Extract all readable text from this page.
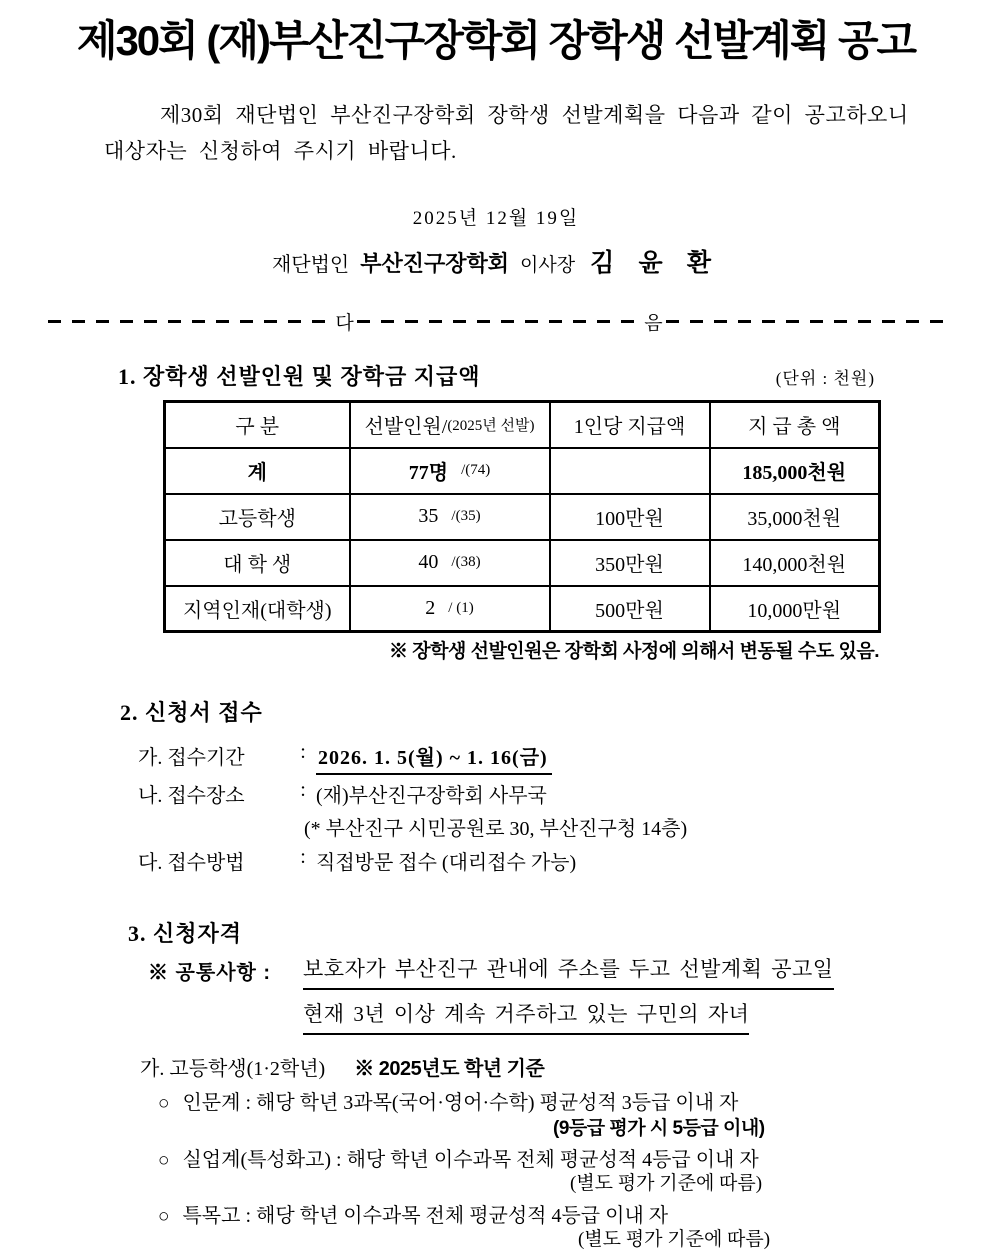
제30회 (재)부산진구장학회 장학생 선발계획 공고

제30회 재단법인 부산진구장학회 장학생 선발계획을 다음과 같이 공고하오니

대상자는 신청하여 주시기 바랍니다.

2025년 12월 19일
재단법인 부산진구장학회 이사장 김 윤 환
다	음
1. 장학생 선발인원 및 장학금 지급액	(단위 : 천원)
구 분	선발인원/ (2025년 선발)	1인당 지급액	지 급 총 액
계	77명 /(74)		185,000천원
고등학생	35 /(35)	100만원	35,000천원
대 학 생	40 /(38)	350만원	140,000천원
지역인재(대학생)	2 / (1)	500만원	10,000만원
※ 장학생 선발인원은 장학회 사정에 의해서 변동될 수도 있음.
2. 신청서 접수
가. 접수기간	: 2026. 1. 5(월) ~ 1. 16(금)
나. 접수장소	: (재)부산진구장학회 사무국
(* 부산진구 시민공원로 30, 부산진구청 14층)
다. 접수방법	: 직접방문 접수 (대리접수 가능)
3. 신청자격
※ 공통사항 : 보호자가 부산진구 관내에 주소를 두고 선발계획 공고일
현재 3년 이상 계속 거주하고 있는 구민의 자녀
가. 고등학생(1·2학년) ※ 2025년도 학년 기준
○ 인문계 : 해당 학년 3과목(국어·영어·수학) 평균성적 3등급 이내 자
(9등급 평가 시 5등급 이내)
○ 실업계(특성화고) : 해당 학년 이수과목 전체 평균성적 4등급 이내 자
(별도 평가 기준에 따름)
○ 특목고 : 해당 학년 이수과목 전체 평균성적 4등급 이내 자
(별도 평가 기준에 따름)
